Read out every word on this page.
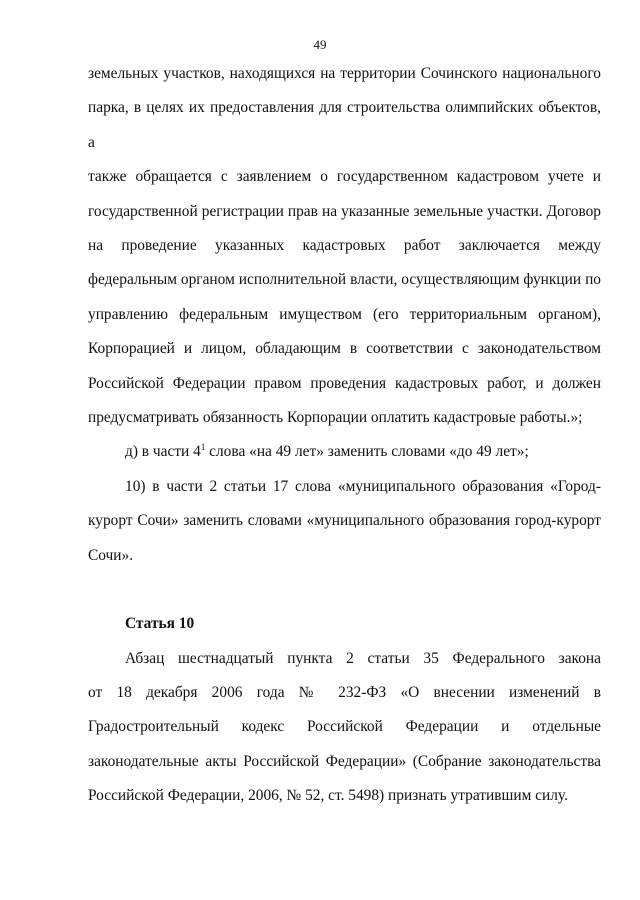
49

земельных участков, находящихся на территории Сочинского национального
парка, в целях их предоставления для строительства олимпийских объектов, а
также обращается с заявлением о государственном кадастровом учете и
государственной регистрации прав на указанные земельные участки. Договор
на проведение указанных кадастровых работ заключается между
федеральным органом исполнительной власти, осуществляющим функции по
управлению федеральным имуществом (его территориальным органом),
Корпорацией и лицом, обладающим в соответствии с законодательством
Российской Федерации правом проведения кадастровых работ, и должен
предусматривать обязанность Корпорации оплатить кадастровые работы.»;

д) в части $4^1$ слова «на 49 лет» заменить словами «до 49 лет»;

10) в части 2 статьи 17 слова «муниципального образования «Город-
курорт Сочи» заменить словами «муниципального образования город-курорт
Сочи».

Статья 10

Абзац шестнадцатый пункта 2 статьи 35 Федерального закона
от 18 декабря 2006 года № 232-ФЗ «О внесении изменений в
Градостроительный кодекс Российской Федерации и отдельные
законодательные акты Российской Федерации» (Собрание законодательства
Российской Федерации, 2006, № 52, ст. 5498) признать утратившим силу.
